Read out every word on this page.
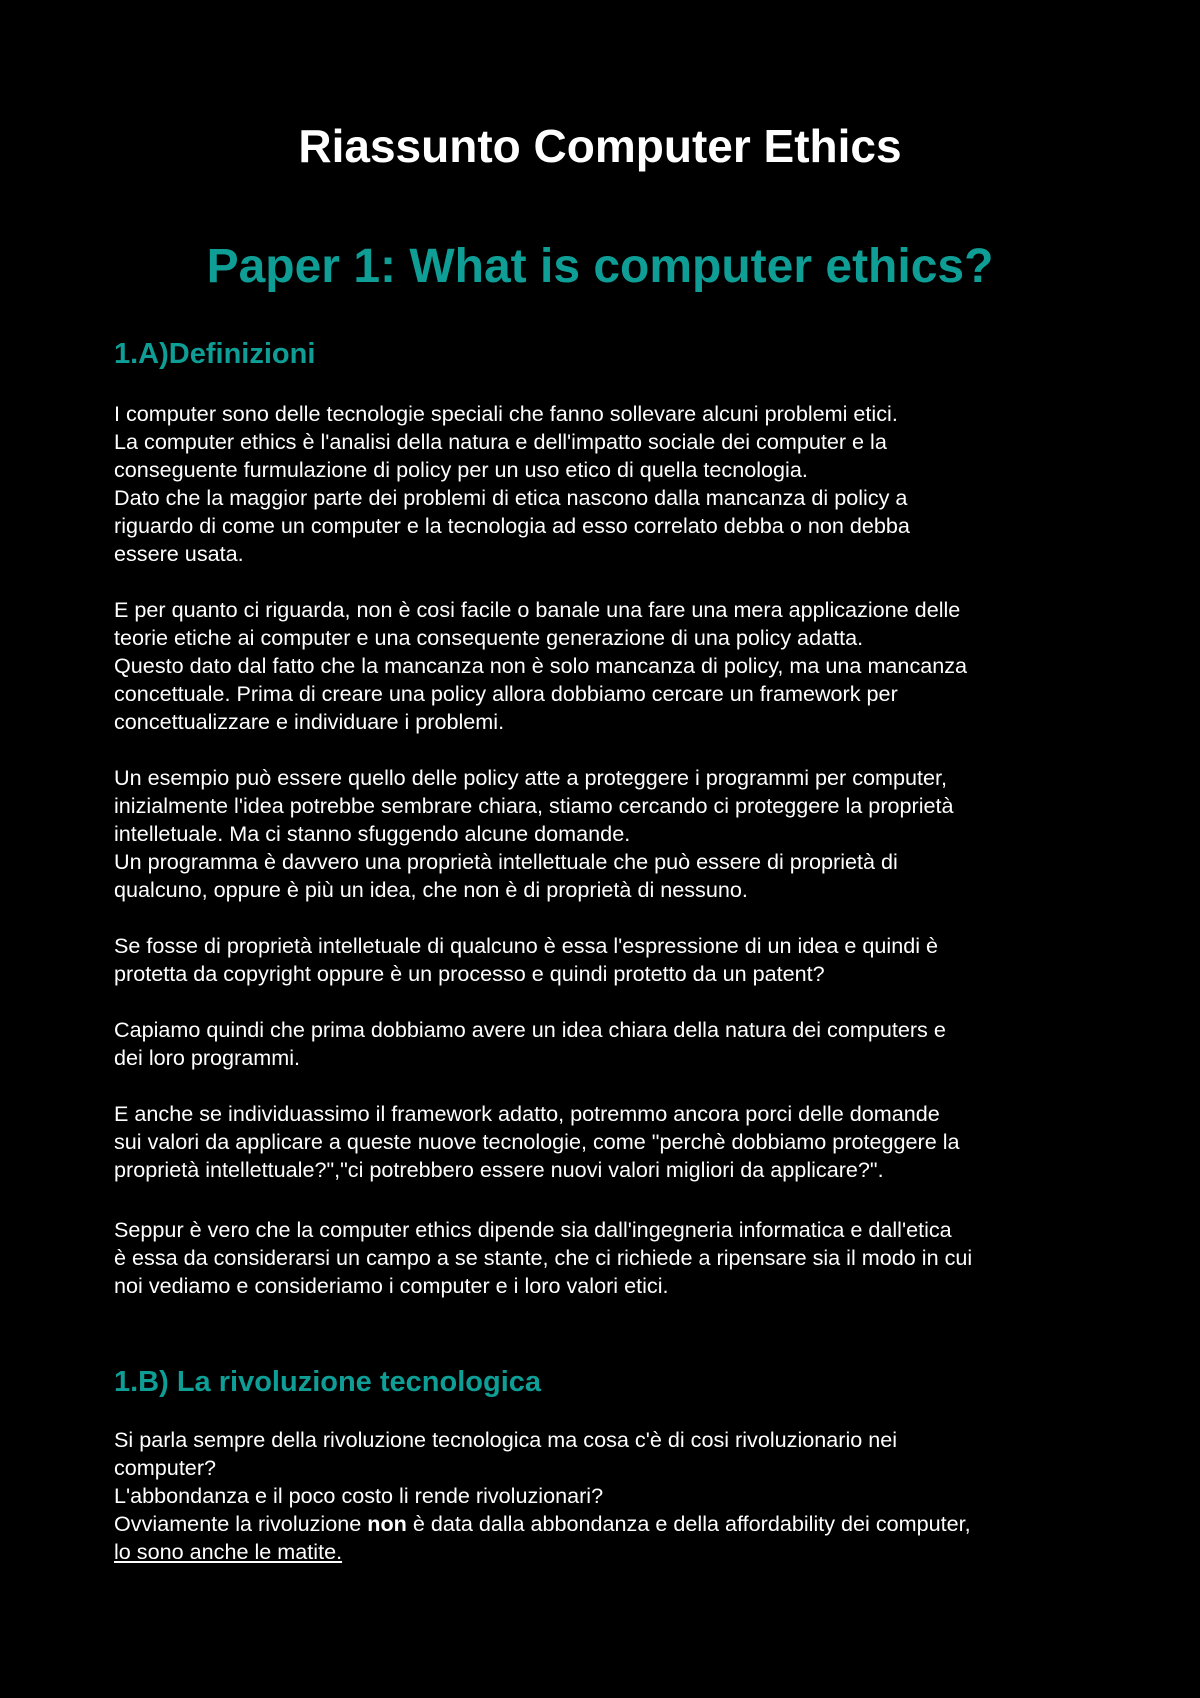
Riassunto Computer Ethics
Paper 1: What is computer ethics?
1.A)Definizioni

I computer sono delle tecnologie speciali che fanno sollevare alcuni problemi etici.

La computer ethics è l'analisi della natura e dell'impatto sociale dei computer e la

conseguente furmulazione di policy per un uso etico di quella tecnologia.

Dato che la maggior parte dei problemi di etica nascono dalla mancanza di policy a

riguardo di come un computer e la tecnologia ad esso correlato debba o non debba

essere usata.

E per quanto ci riguarda, non è cosi facile o banale una fare una mera applicazione delle

teorie etiche ai computer e una consequente generazione di una policy adatta.

Questo dato dal fatto che la mancanza non è solo mancanza di policy, ma una mancanza

concettuale. Prima di creare una policy allora dobbiamo cercare un framework per

concettualizzare e individuare i problemi.

Un esempio può essere quello delle policy atte a proteggere i programmi per computer,

inizialmente l'idea potrebbe sembrare chiara, stiamo cercando ci proteggere la proprietà

intelletuale. Ma ci stanno sfuggendo alcune domande.

Un programma è davvero una proprietà intellettuale che può essere di proprietà di

qualcuno, oppure è più un idea, che non è di proprietà di nessuno.

Se fosse di proprietà intelletuale di qualcuno è essa l'espressione di un idea e quindi è

protetta da copyright oppure è un processo e quindi protetto da un patent?

Capiamo quindi che prima dobbiamo avere un idea chiara della natura dei computers e

dei loro programmi.

E anche se individuassimo il framework adatto, potremmo ancora porci delle domande

sui valori da applicare a queste nuove tecnologie, come "perchè dobbiamo proteggere la

proprietà intellettuale?","ci potrebbero essere nuovi valori migliori da applicare?".

Seppur è vero che la computer ethics dipende sia dall'ingegneria informatica e dall'etica

è essa da considerarsi un campo a se stante, che ci richiede a ripensare sia il modo in cui

noi vediamo e consideriamo i computer e i loro valori etici.

1.B) La rivoluzione tecnologica

Si parla sempre della rivoluzione tecnologica ma cosa c'è di cosi rivoluzionario nei

computer?

L'abbondanza e il poco costo li rende rivoluzionari?

Ovviamente la rivoluzione non è data dalla abbondanza e della affordability dei computer,

lo sono anche le matite.
